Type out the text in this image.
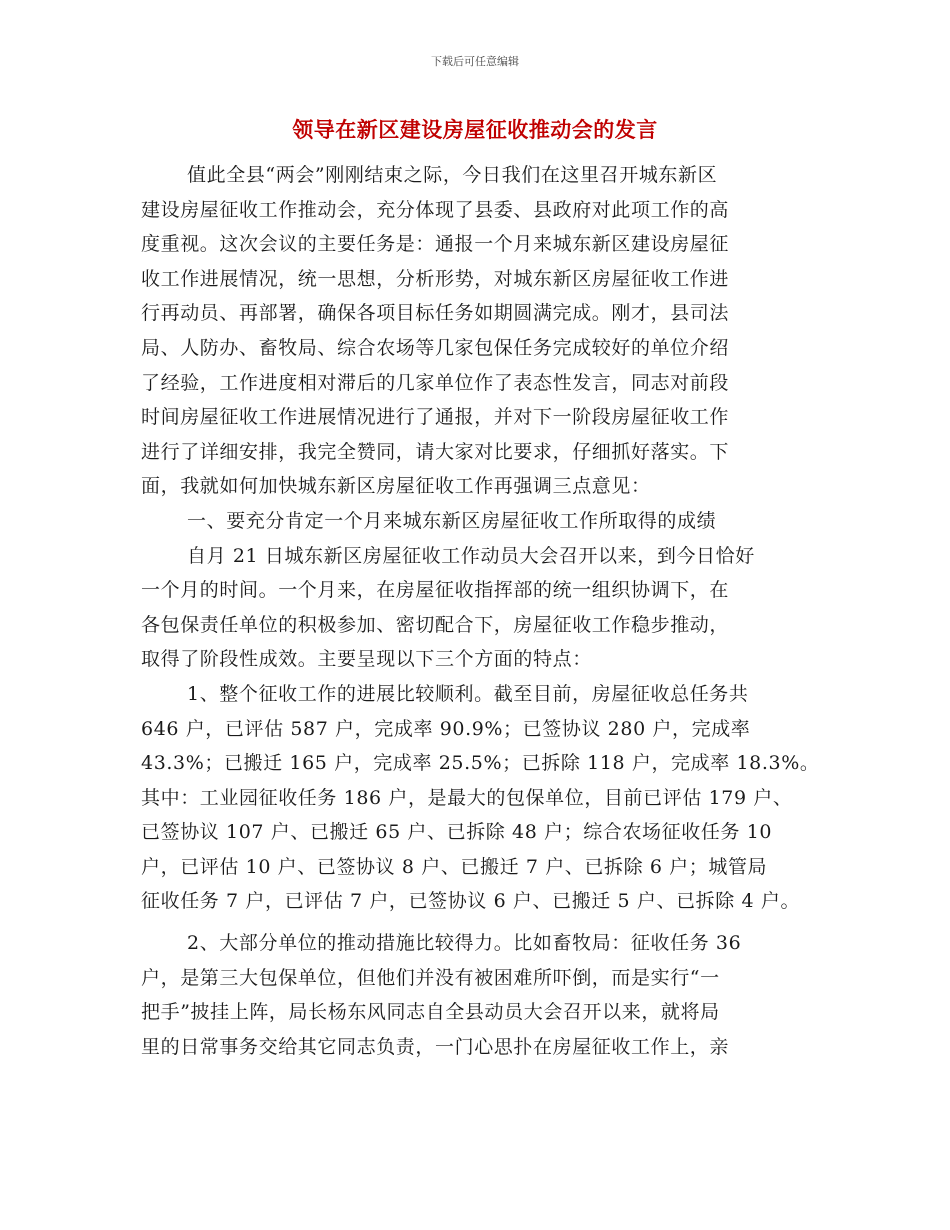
下载后可任意编辑
领导在新区建设房屋征收推动会的发言
值此全县“两会”刚刚结束之际，今日我们在这里召开城东新区
建设房屋征收工作推动会，充分体现了县委、县政府对此项工作的高
度重视。这次会议的主要任务是：通报一个月来城东新区建设房屋征
收工作进展情况，统一思想，分析形势，对城东新区房屋征收工作进
行再动员、再部署，确保各项目标任务如期圆满完成。刚才，县司法
局、人防办、畜牧局、综合农场等几家包保任务完成较好的单位介绍
了经验，工作进度相对滞后的几家单位作了表态性发言，同志对前段
时间房屋征收工作进展情况进行了通报，并对下一阶段房屋征收工作
进行了详细安排，我完全赞同，请大家对比要求，仔细抓好落实。下
面，我就如何加快城东新区房屋征收工作再强调三点意见：
一、要充分肯定一个月来城东新区房屋征收工作所取得的成绩
自月 21 日城东新区房屋征收工作动员大会召开以来，到今日恰好
一个月的时间。一个月来，在房屋征收指挥部的统一组织协调下，在
各包保责任单位的积极参加、密切配合下，房屋征收工作稳步推动，
取得了阶段性成效。主要呈现以下三个方面的特点：
1、整个征收工作的进展比较顺利。截至目前，房屋征收总任务共
646 户，已评估 587 户，完成率 90.9%；已签协议 280 户，完成率
43.3%；已搬迁 165 户，完成率 25.5%；已拆除 118 户，完成率 18.3%。
其中：工业园征收任务 186 户，是最大的包保单位，目前已评估 179 户、
已签协议 107 户、已搬迁 65 户、已拆除 48 户；综合农场征收任务 10
户，已评估 10 户、已签协议 8 户、已搬迁 7 户、已拆除 6 户；城管局
征收任务 7 户，已评估 7 户，已签协议 6 户、已搬迁 5 户、已拆除 4 户。
2、大部分单位的推动措施比较得力。比如畜牧局：征收任务 36
户，是第三大包保单位，但他们并没有被困难所吓倒，而是实行“一
把手”披挂上阵，局长杨东风同志自全县动员大会召开以来，就将局
里的日常事务交给其它同志负责，一门心思扑在房屋征收工作上，亲
